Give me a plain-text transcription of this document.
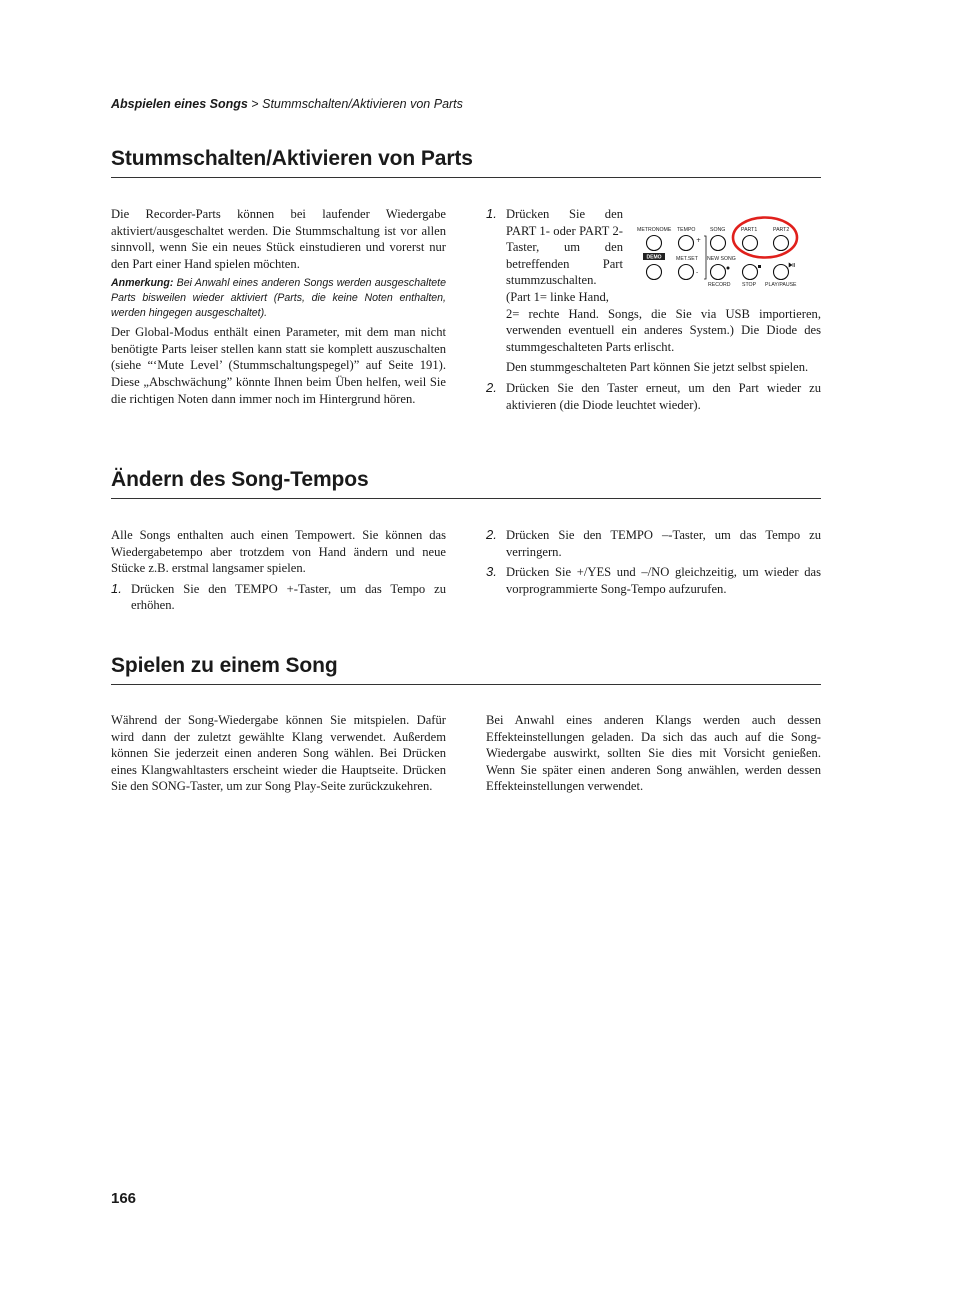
Abspielen eines Songs > Stummschalten/Aktivieren von Parts
Stummschalten/Aktivieren von Parts

Die Recorder-Parts können bei laufender Wiedergabe aktiviert/ausgeschaltet werden. Die Stummschaltung ist vor allen sinnvoll, wenn Sie ein neues Stück einstudieren und vorerst nur den Part einer Hand spielen möchten.

Anmerkung: Bei Anwahl eines anderen Songs werden ausgeschaltete Parts bisweilen wieder aktiviert (Parts, die keine Noten enthalten, werden hingegen ausgeschaltet).

Der Global-Modus enthält einen Parameter, mit dem man nicht benötigte Parts leiser stellen kann statt sie komplett auszuschalten (siehe “‘Mute Level’ (Stummschaltungspegel)” auf Seite 191). Diese „Abschwächung” könnte Ihnen beim Üben helfen, weil Sie die richtigen Noten dann immer noch im Hintergrund hören.

1. Drücken Sie den PART 1- oder PART 2-Taster, um den betreffenden Part stummzuschalten. (Part 1= linke Hand,

2= rechte Hand. Songs, die Sie via USB importieren, verwenden eventuell ein anderes System.) Die Diode des stummgeschalteten Parts erlischt.

Den stummgeschalteten Part können Sie jetzt selbst spielen.

2. Drücken Sie den Taster erneut, um den Part wieder zu aktivieren (die Diode leuchtet wieder).

METRONOME TEMPO	SONG	PART1	PART2
MET.SET NEW SONG
RECORD STOP PLAY/PAUSE
DEMO
+
-
Ändern des Song-Tempos

Alle Songs enthalten auch einen Tempowert. Sie können das Wiedergabetempo aber trotzdem von Hand ändern und neue Stücke z.B. erstmal langsamer spielen.

1. Drücken Sie den TEMPO +-Taster, um das Tempo zu erhöhen.

2. Drücken Sie den TEMPO –-Taster, um das Tempo zu verringern.

3. Drücken Sie +/YES und –/NO gleichzeitig, um wieder das vorprogrammierte Song-Tempo aufzurufen.

Spielen zu einem Song

Während der Song-Wiedergabe können Sie mitspielen. Dafür wird dann der zuletzt gewählte Klang verwendet. Außerdem können Sie jederzeit einen anderen Song wählen. Bei Drücken eines Klangwahltasters erscheint wieder die Hauptseite. Drücken Sie den SONG-Taster, um zur Song Play-Seite zurückzukehren.

Bei Anwahl eines anderen Klangs werden auch dessen Effekteinstellungen geladen. Da sich das auch auf die Song-Wiedergabe auswirkt, sollten Sie dies mit Vorsicht genießen. Wenn Sie später einen anderen Song anwählen, werden dessen Effekteinstellungen verwendet.

166
